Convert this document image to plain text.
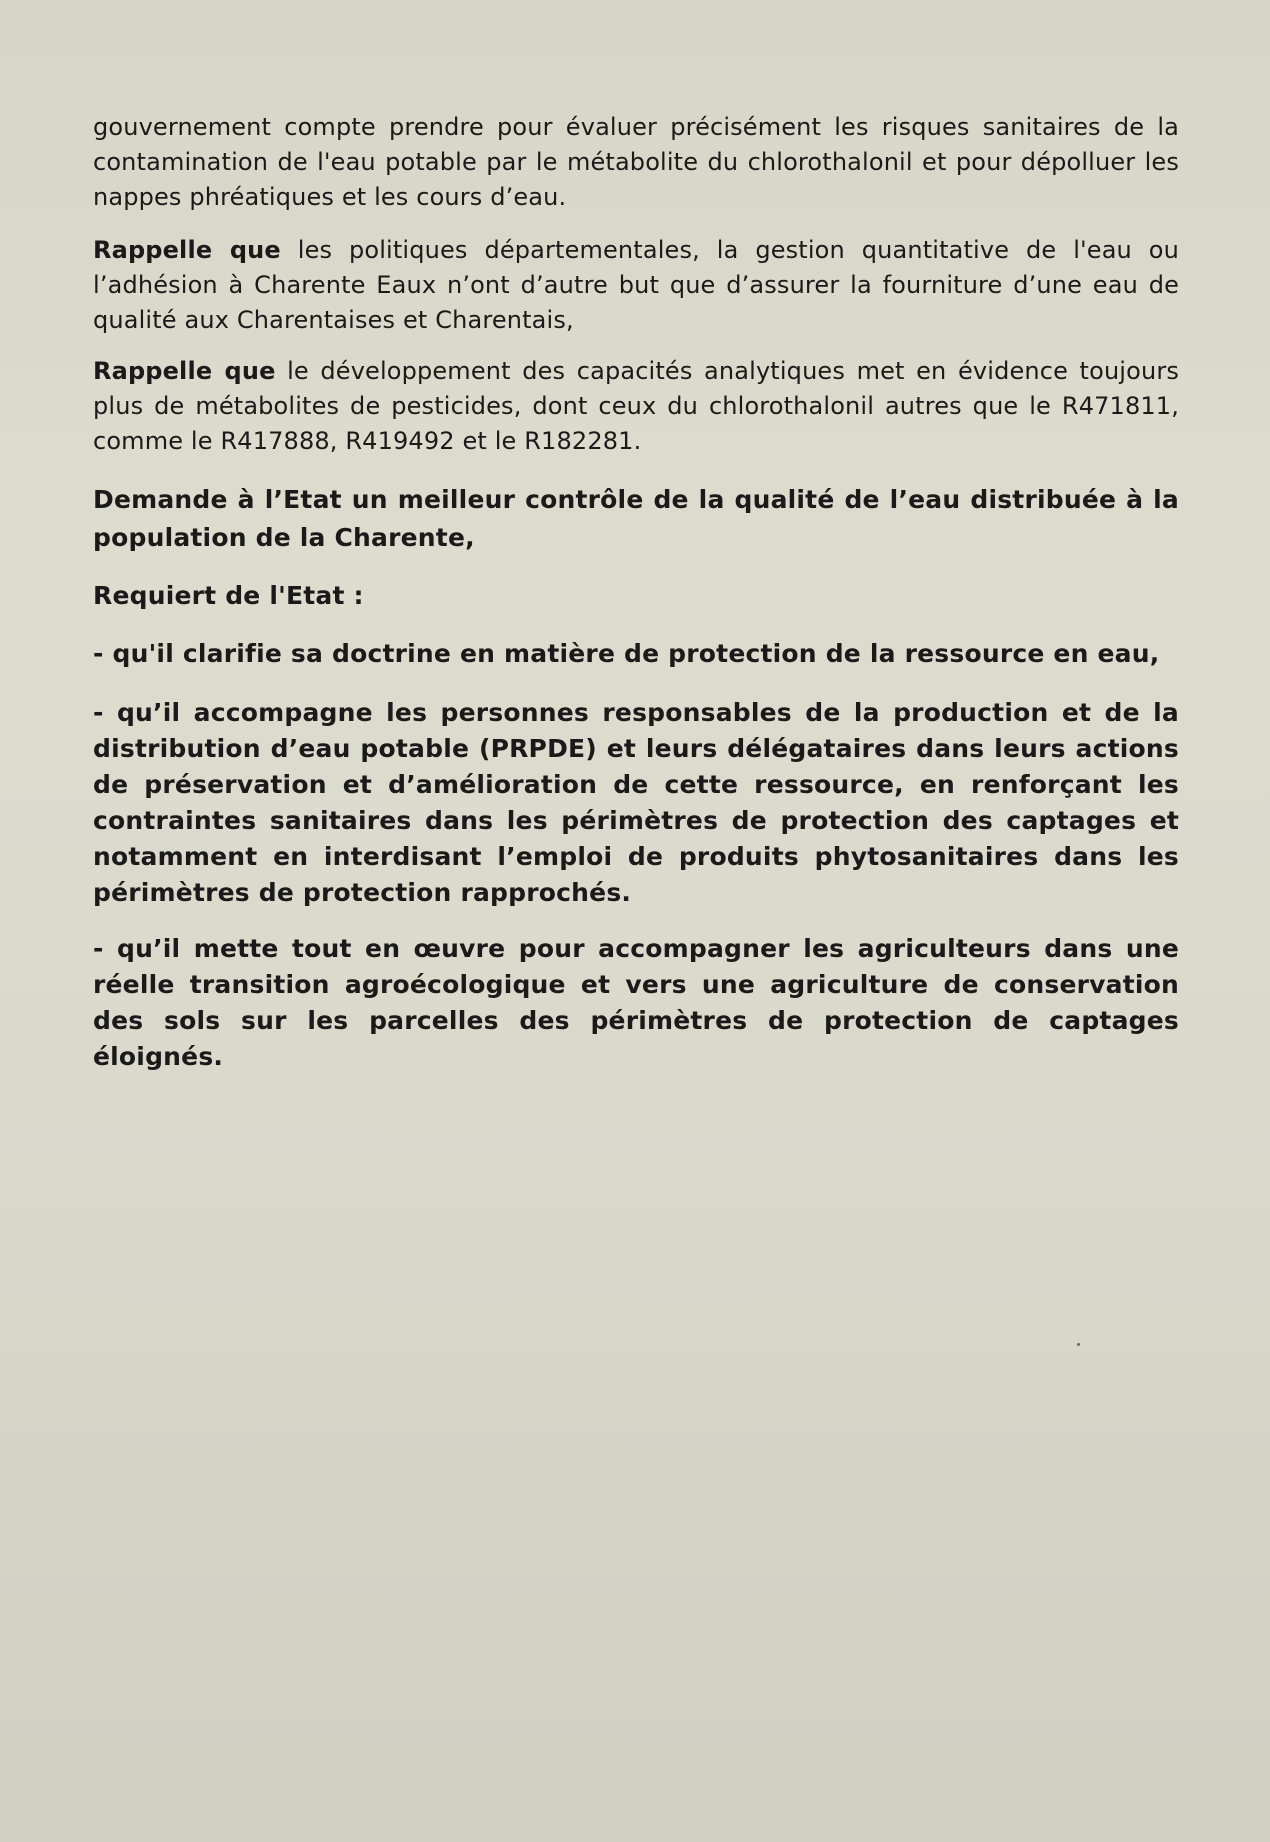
gouvernement compte prendre pour évaluer précisément les risques sanitaires de la contamination de l'eau potable par le métabolite du chlorothalonil et pour dépolluer les nappes phréatiques et les cours d’eau.

Rappelle que les politiques départementales, la gestion quantitative de l'eau ou l’adhésion à Charente Eaux n’ont d’autre but que d’assurer la fourniture d’une eau de qualité aux Charentaises et Charentais,

Rappelle que le développement des capacités analytiques met en évidence toujours plus de métabolites de pesticides, dont ceux du chlorothalonil autres que le R471811, comme le R417888, R419492 et le R182281.

Demande à l’Etat un meilleur contrôle de la qualité de l’eau distribuée à la population de la Charente,

Requiert de l'Etat :

- qu'il clarifie sa doctrine en matière de protection de la ressource en eau,

- qu’il accompagne les personnes responsables de la production et de la distribution d’eau potable (PRPDE) et leurs délégataires dans leurs actions de préservation et d’amélioration de cette ressource, en renforçant les contraintes sanitaires dans les périmètres de protection des captages et notamment en interdisant l’emploi de produits phytosanitaires dans les périmètres de protection rapprochés.

- qu’il mette tout en œuvre pour accompagner les agriculteurs dans une réelle transition agroécologique et vers une agriculture de conservation des sols sur les parcelles des périmètres de protection de captages éloignés.
